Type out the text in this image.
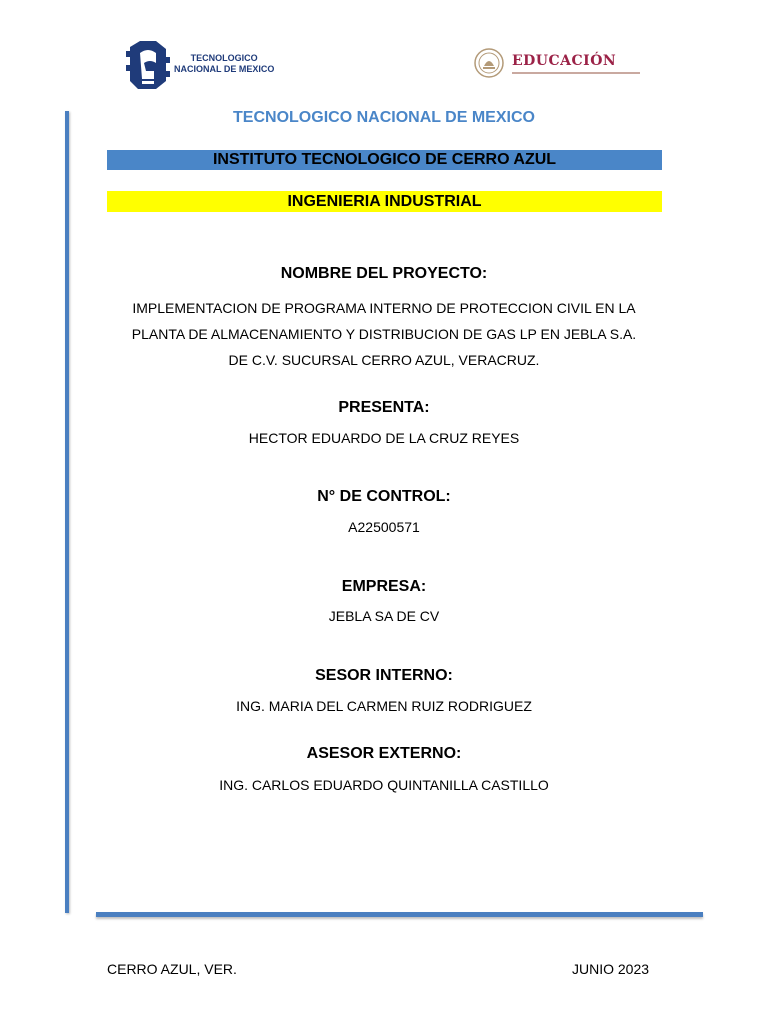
TECNOLOGICO
NACIONAL DE MEXICO
EDUCACIÓN
TECNOLOGICO NACIONAL DE MEXICO
INSTITUTO TECNOLOGICO DE CERRO AZUL
INGENIERIA INDUSTRIAL
NOMBRE DEL PROYECTO:
IMPLEMENTACION DE PROGRAMA INTERNO DE PROTECCION CIVIL EN LA
PLANTA DE ALMACENAMIENTO Y DISTRIBUCION DE GAS LP EN JEBLA S.A.
DE C.V. SUCURSAL CERRO AZUL, VERACRUZ.
PRESENTA:
HECTOR EDUARDO DE LA CRUZ REYES
N° DE CONTROL:
A22500571
EMPRESA:
JEBLA SA DE CV
SESOR INTERNO:
ING. MARIA DEL CARMEN RUIZ RODRIGUEZ
ASESOR EXTERNO:
ING. CARLOS EDUARDO QUINTANILLA CASTILLO
CERRO AZUL, VER.	JUNIO 2023
